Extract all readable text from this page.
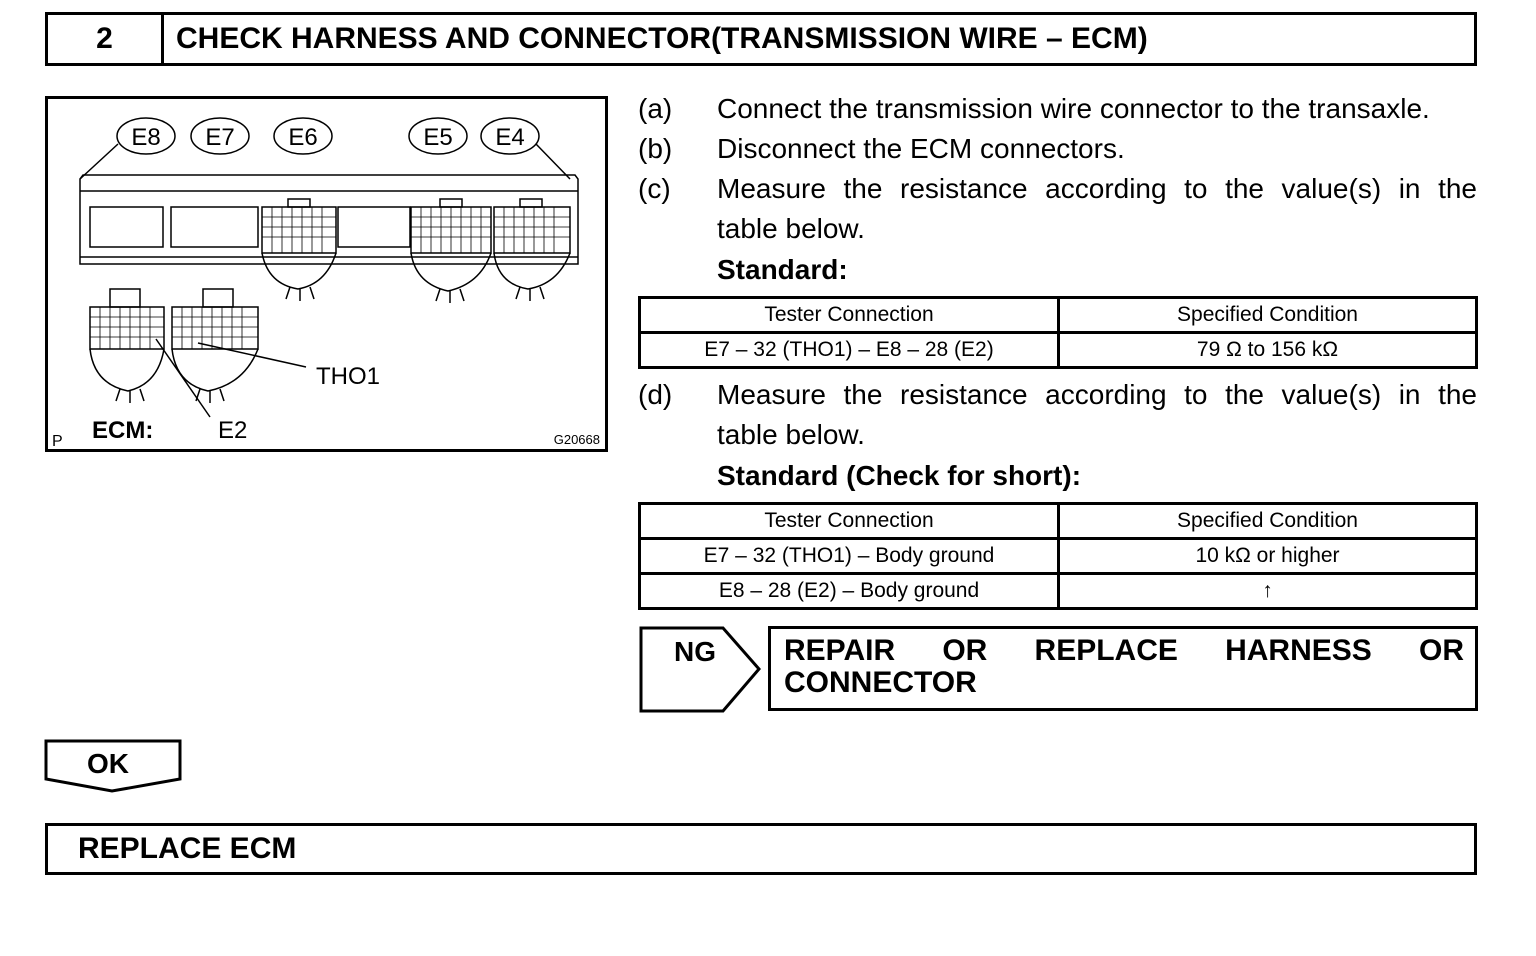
2	CHECK HARNESS AND CONNECTOR(TRANSMISSION WIRE – ECM)
E8 E7 E6	E5 E4
THO1
ECM:	E2
P	G20668
(a)	Connect the transmission wire connector to the transaxle.
(b)	Disconnect the ECM connectors.
(c)	Measure the resistance according to the value(s) in the
table below.
Standard:
Tester Connection	Specified Condition
E7 – 32 (THO1) – E8 – 28 (E2)	79 Ω to 156 kΩ
(d)	Measure the resistance according to the value(s) in the
table below.
Standard (Check for short):
Tester Connection	Specified Condition
E7 – 32 (THO1) – Body ground	10 kΩ or higher
E8 – 28 (E2) – Body ground	↑
NG REPAIR OR REPLACE HARNESS OR CONNECTOR
OK
REPLACE ECM
